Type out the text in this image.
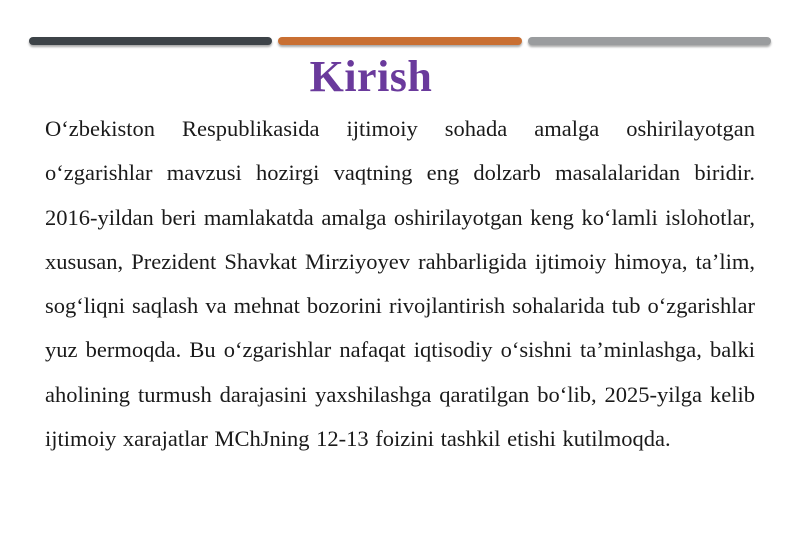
Kirish

O‘zbekiston Respublikasida ijtimoiy sohada amalga oshirilayotgan o‘zgarishlar mavzusi hozirgi vaqtning eng dolzarb masalalaridan biridir. 2016-yildan beri mamlakatda amalga oshirilayotgan keng ko‘lamli islohotlar, xususan, Prezident Shavkat Mirziyoyev rahbarligida ijtimoiy himoya, ta’lim, sog‘liqni saqlash va mehnat bozorini rivojlantirish sohalarida tub o‘zgarishlar yuz bermoqda. Bu o‘zgarishlar nafaqat iqtisodiy o‘sishni ta’minlashga, balki aholining turmush darajasini yaxshilashga qaratilgan bo‘lib, 2025-yilga kelib ijtimoiy xarajatlar MChJning 12-13 foizini tashkil etishi kutilmoqda.
